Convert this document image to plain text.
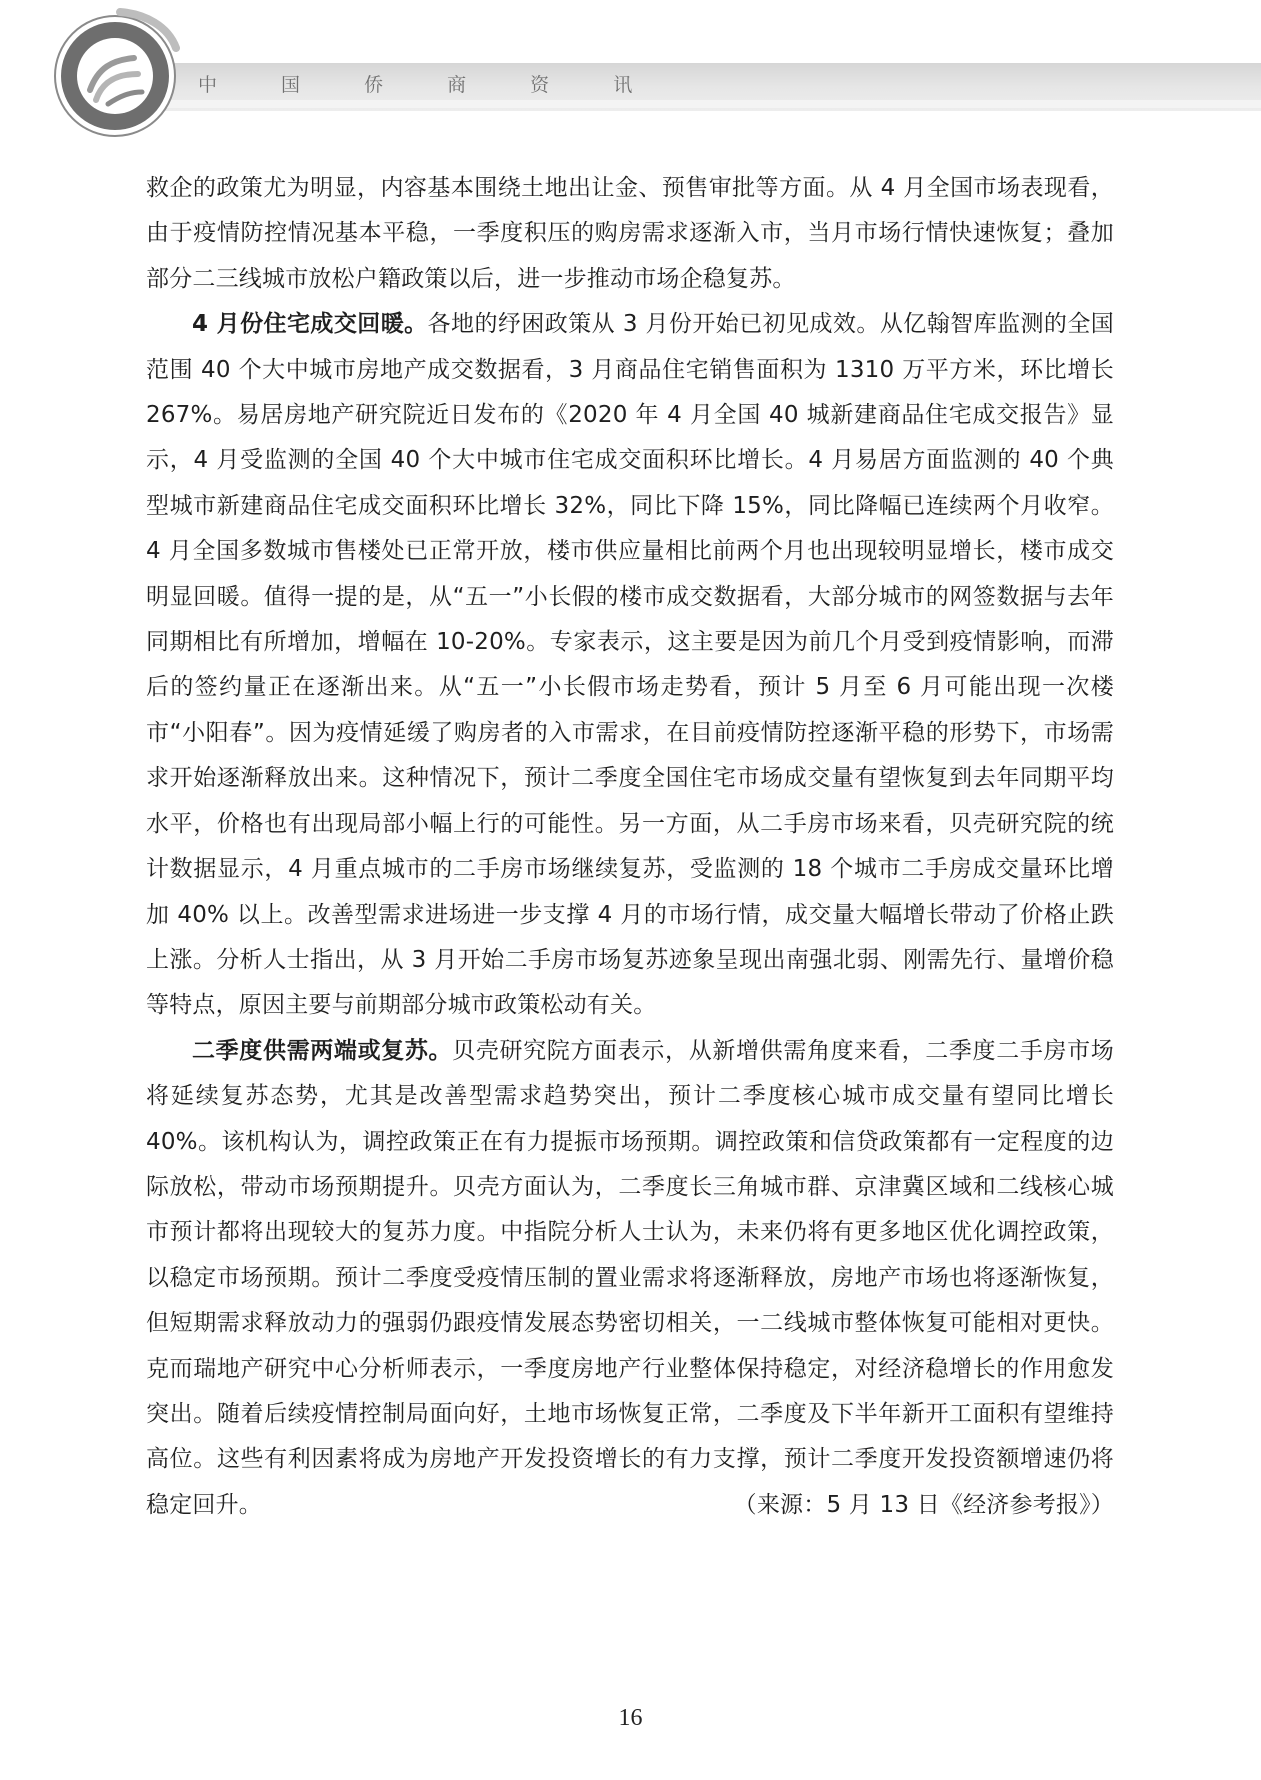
中 国 侨 商 资 讯

救企的政策尤为明显，内容基本围绕土地出让金、预售审批等方面。从 4 月全国市场表现看，由于疫情防控情况基本平稳，一季度积压的购房需求逐渐入市，当月市场行情快速恢复；叠加部分二三线城市放松户籍政策以后，进一步推动市场企稳复苏。

4 月份住宅成交回暖。各地的纾困政策从 3 月份开始已初见成效。从亿翰智库监测的全国范围 40 个大中城市房地产成交数据看，3 月商品住宅销售面积为 1310 万平方米，环比增长 267%。易居房地产研究院近日发布的《2020 年 4 月全国 40 城新建商品住宅成交报告》显示，4 月受监测的全国 40 个大中城市住宅成交面积环比增长。4 月易居方面监测的 40 个典型城市新建商品住宅成交面积环比增长 32%，同比下降 15%，同比降幅已连续两个月收窄。4 月全国多数城市售楼处已正常开放，楼市供应量相比前两个月也出现较明显增长，楼市成交明显回暖。值得一提的是，从“五一”小长假的楼市成交数据看，大部分城市的网签数据与去年同期相比有所增加，增幅在 10-20%。专家表示，这主要是因为前几个月受到疫情影响，而滞后的签约量正在逐渐出来。从“五一”小长假市场走势看，预计 5 月至 6 月可能出现一次楼市“小阳春”。因为疫情延缓了购房者的入市需求，在目前疫情防控逐渐平稳的形势下，市场需求开始逐渐释放出来。这种情况下，预计二季度全国住宅市场成交量有望恢复到去年同期平均水平，价格也有出现局部小幅上行的可能性。另一方面，从二手房市场来看，贝壳研究院的统计数据显示，4 月重点城市的二手房市场继续复苏，受监测的 18 个城市二手房成交量环比增加 40% 以上。改善型需求进场进一步支撑 4 月的市场行情，成交量大幅增长带动了价格止跌上涨。分析人士指出，从 3 月开始二手房市场复苏迹象呈现出南强北弱、刚需先行、量增价稳等特点，原因主要与前期部分城市政策松动有关。

二季度供需两端或复苏。贝壳研究院方面表示，从新增供需角度来看，二季度二手房市场将延续复苏态势，尤其是改善型需求趋势突出，预计二季度核心城市成交量有望同比增长 40%。该机构认为，调控政策正在有力提振市场预期。调控政策和信贷政策都有一定程度的边际放松，带动市场预期提升。贝壳方面认为，二季度长三角城市群、京津冀区域和二线核心城市预计都将出现较大的复苏力度。中指院分析人士认为，未来仍将有更多地区优化调控政策，以稳定市场预期。预计二季度受疫情压制的置业需求将逐渐释放，房地产市场也将逐渐恢复，但短期需求释放动力的强弱仍跟疫情发展态势密切相关，一二线城市整体恢复可能相对更快。克而瑞地产研究中心分析师表示，一季度房地产行业整体保持稳定，对经济稳增长的作用愈发突出。随着后续疫情控制局面向好，土地市场恢复正常，二季度及下半年新开工面积有望维持高位。这些有利因素将成为房地产开发投资增长的有力支撑，预计二季度开发投资额增速仍将稳定回升。	（来源：5 月 13 日《经济参考报》）

16
